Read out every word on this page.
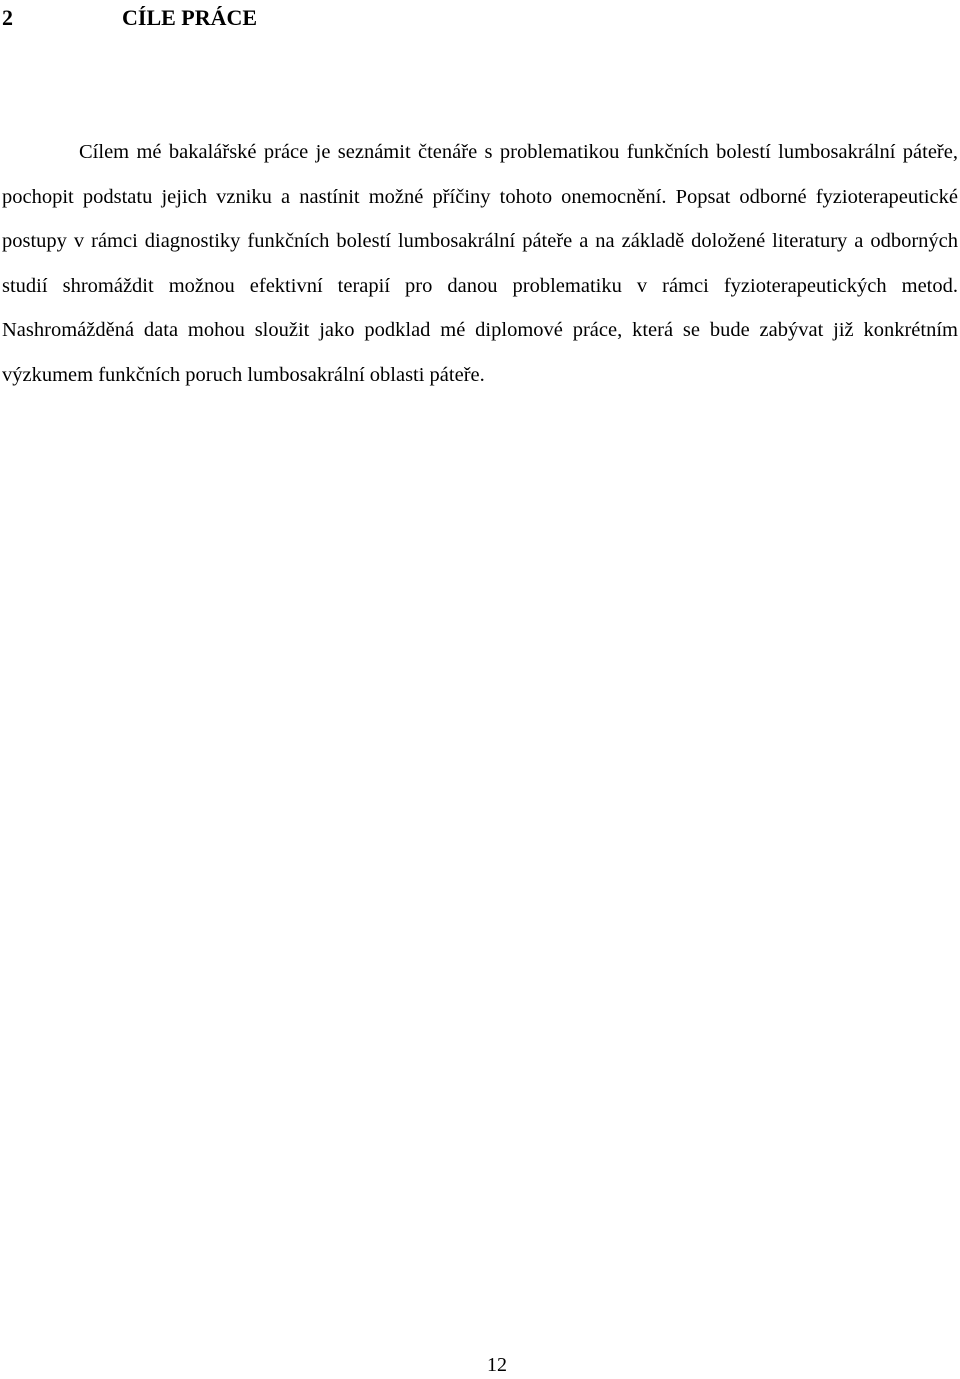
2	CÍLE PRÁCE

Cílem mé bakalářské práce je seznámit čtenáře s problematikou funkčních bolestí lumbosakrální páteře, pochopit podstatu jejich vzniku a nastínit možné příčiny tohoto onemocnění. Popsat odborné fyzioterapeutické postupy v rámci diagnostiky funkčních bolestí lumbosakrální páteře a na základě doložené literatury a odborných studií shromáždit možnou efektivní terapií pro danou problematiku v rámci fyzioterapeutických metod. Nashromážděná data mohou sloužit jako podklad mé diplomové práce, která se bude zabývat již konkrétním výzkumem funkčních poruch lumbosakrální oblasti páteře.

12
